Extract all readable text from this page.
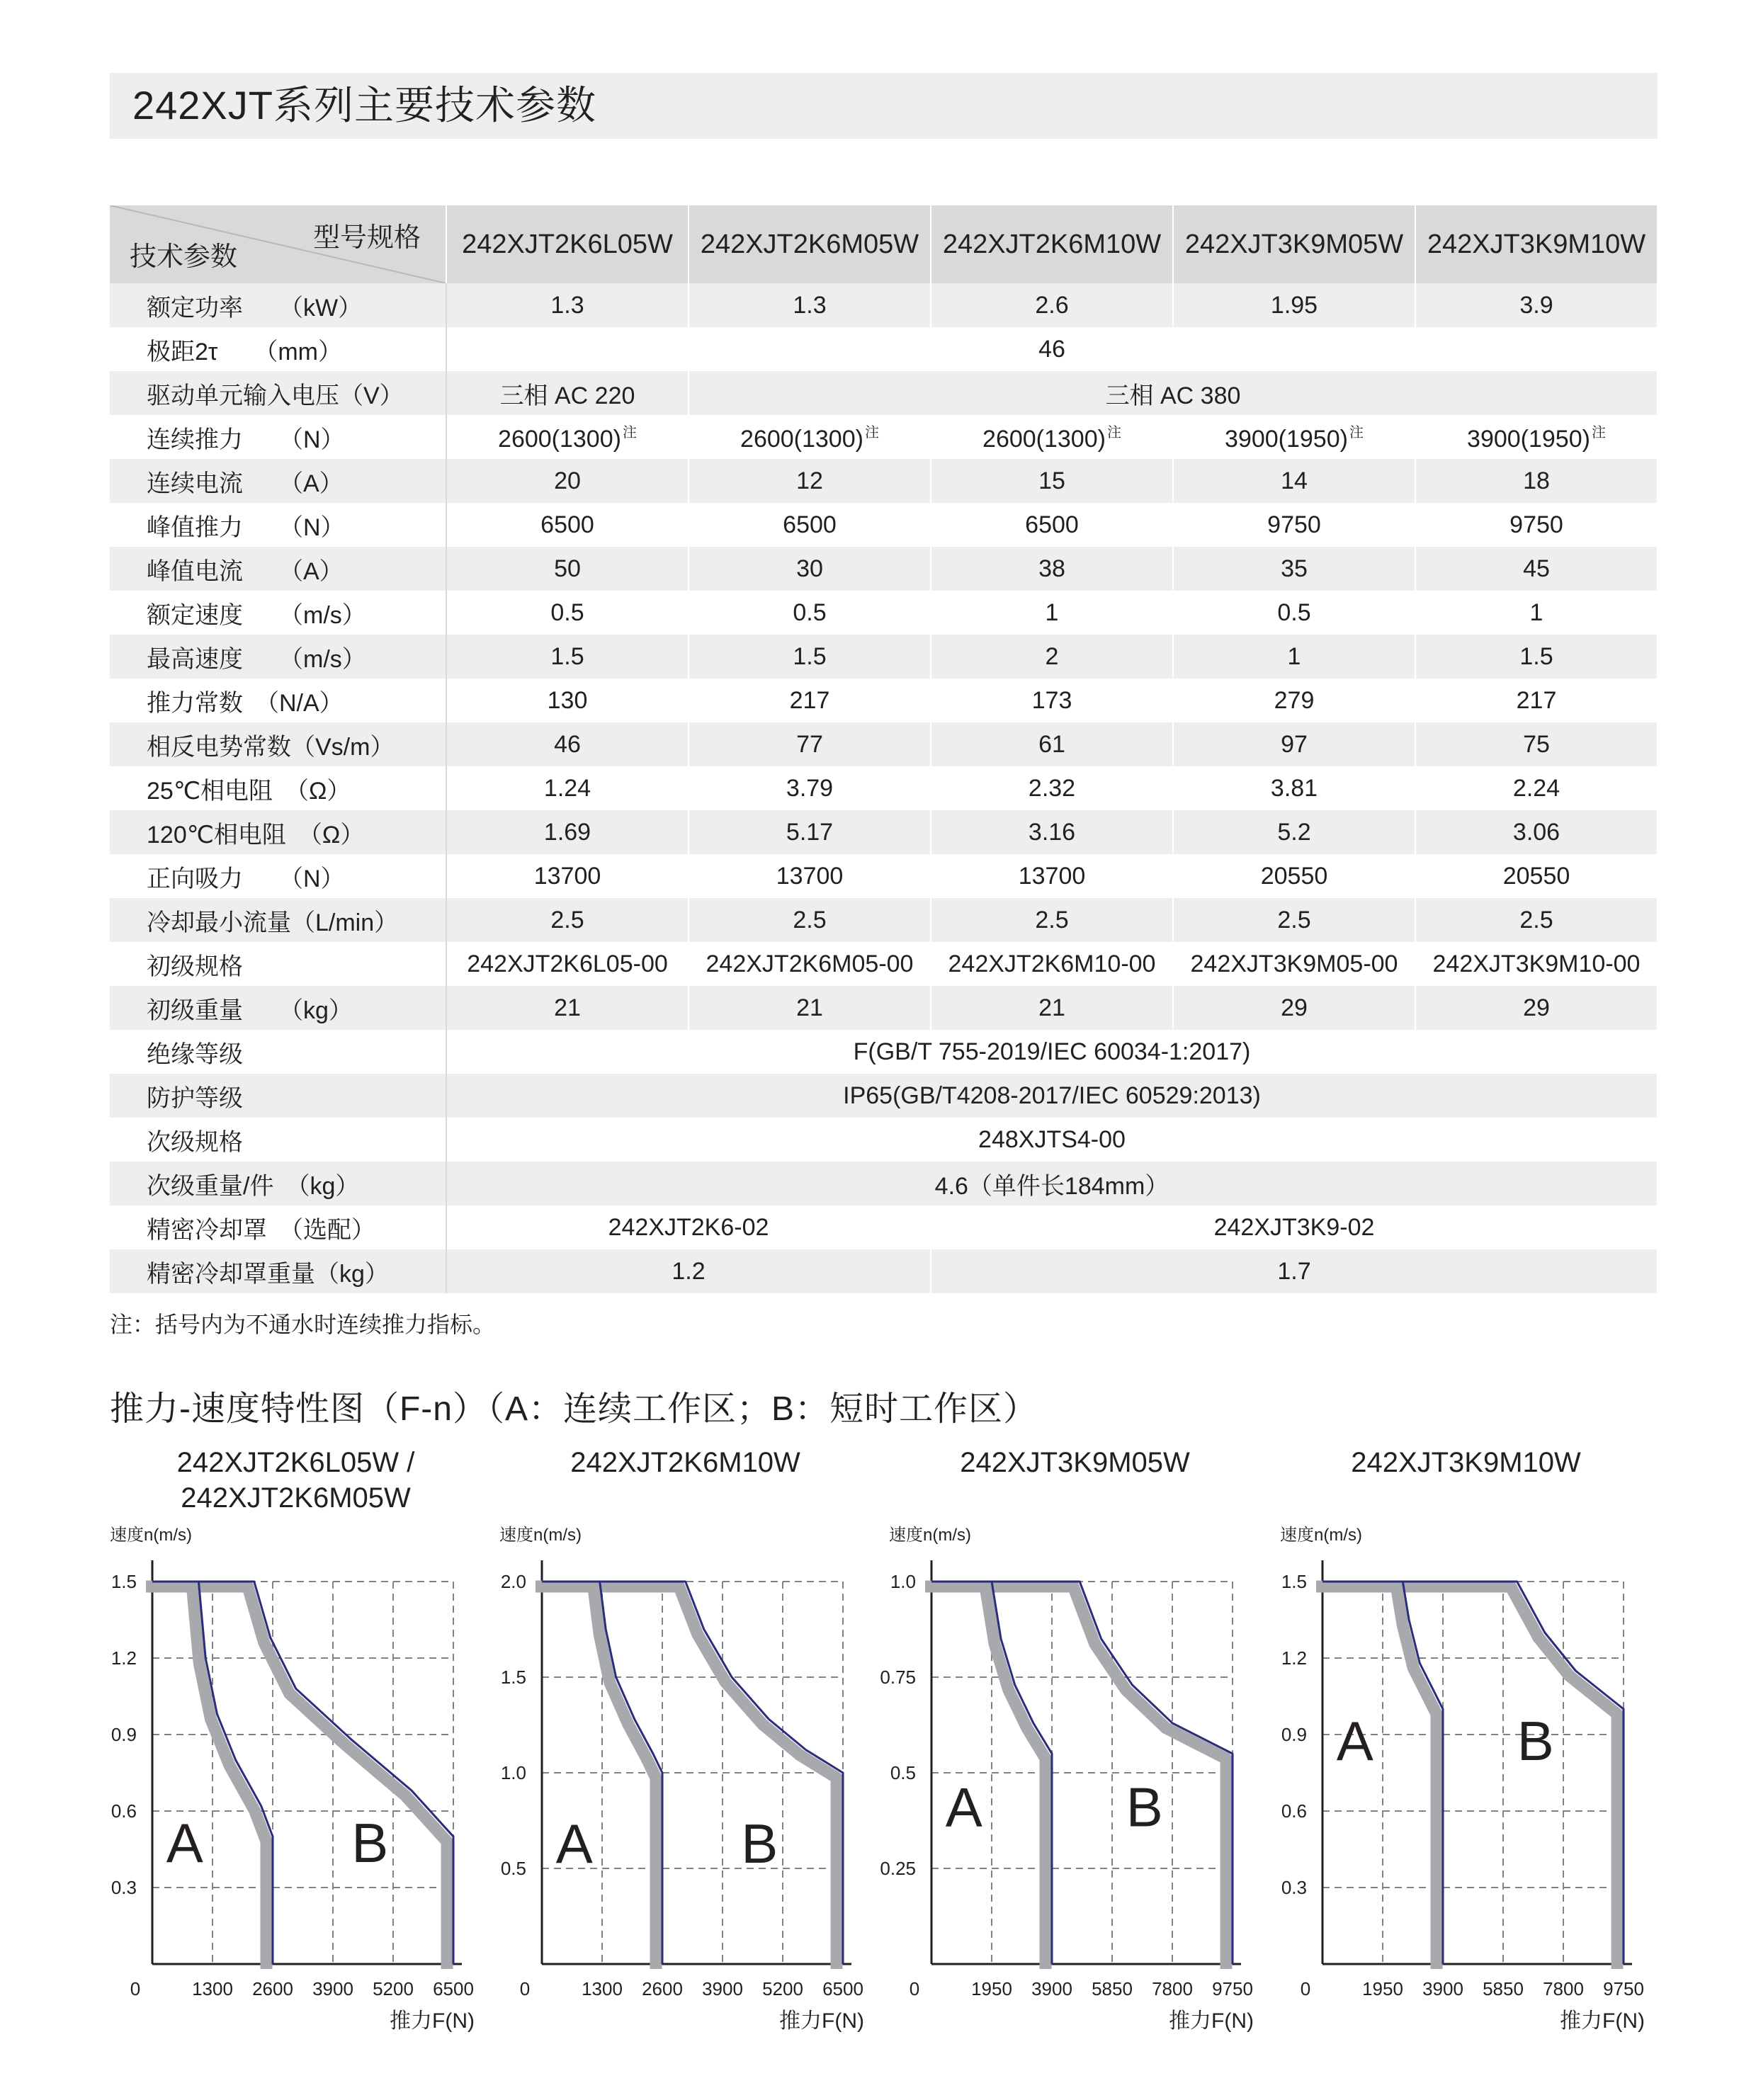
242XJT系列主要技术参数
型号规格
技术参数	242XJT2K6L05W	242XJT2K6M05W	242XJT2K6M10W	242XJT3K9M05W	242XJT3K9M10W
额定功率　　（kW）	1.3	1.3	2.6	1.95	3.9
极距2τ　　（mm）	46				
驱动单元输入电压（V）	三相 AC 220	三相 AC 380			
连续推力　　（N）	2600(1300) $^注$	2600(1300) $^注$	2600(1300) $^注$	3900(1950) $^注$	3900(1950) $^注$
连续电流　　（A）	20	12	15	14	18
峰值推力　　（N）	6500	6500	6500	9750	9750
峰值电流　　（A）	50	30	38	35	45
额定速度　　（m/s）	0.5	0.5	1	0.5	1
最高速度　　（m/s）	1.5	1.5	2	1	1.5
推力常数　（N/A）	130	217	173	279	217
相反电势常数（Vs/m）	46	77	61	97	75
25℃相电阻　（Ω）	1.24	3.79	2.32	3.81	2.24
120℃相电阻　（Ω）	1.69	5.17	3.16	5.2	3.06
正向吸力　　（N）	13700	13700	13700	20550	20550
冷却最小流量（L/min）	2.5	2.5	2.5	2.5	2.5
初级规格	242XJT2K6L05-00	242XJT2K6M05-00	242XJT2K6M10-00	242XJT3K9M05-00	242XJT3K9M10-00
初级重量　　（kg）	21	21	21	29	29
绝缘等级	F(GB/T 755-2019/IEC 60034-1:2017)				
防护等级	IP65(GB/T4208-2017/IEC 60529:2013)				
次级规格	248XJTS4-00				
次级重量/件　（kg）	4.6（单件长184mm）				
精密冷却罩　（选配）	242XJT2K6-02		242XJT3K9-02		
精密冷却罩重量（kg）	1.2		1.7		
注：括号内为不通水时连续推力指标。
推力-速度特性图（F-n）（A：连续工作区；B：短时工作区）
242XJT2K6L05W /
242XJT2K6M05W
速度n(m/s)
0	1300 2600 3900 5200 6500
0.3
0.6
0.9
1.2
1.5
推力F(N)
A	B
242XJT2K6M10W
速度n(m/s)
0	1300 2600 3900 5200 6500
0.5
1.0
1.5
2.0
推力F(N)
A	B
242XJT3K9M05W
速度n(m/s)
0	1950 3900 5850 7800 9750
0.25
0.5
0.75
1.0
推力F(N)
A	B
242XJT3K9M10W
速度n(m/s)
0	1950 3900 5850 7800 9750
0.3
0.6
0.9
1.2
1.5
推力F(N)
A	B
